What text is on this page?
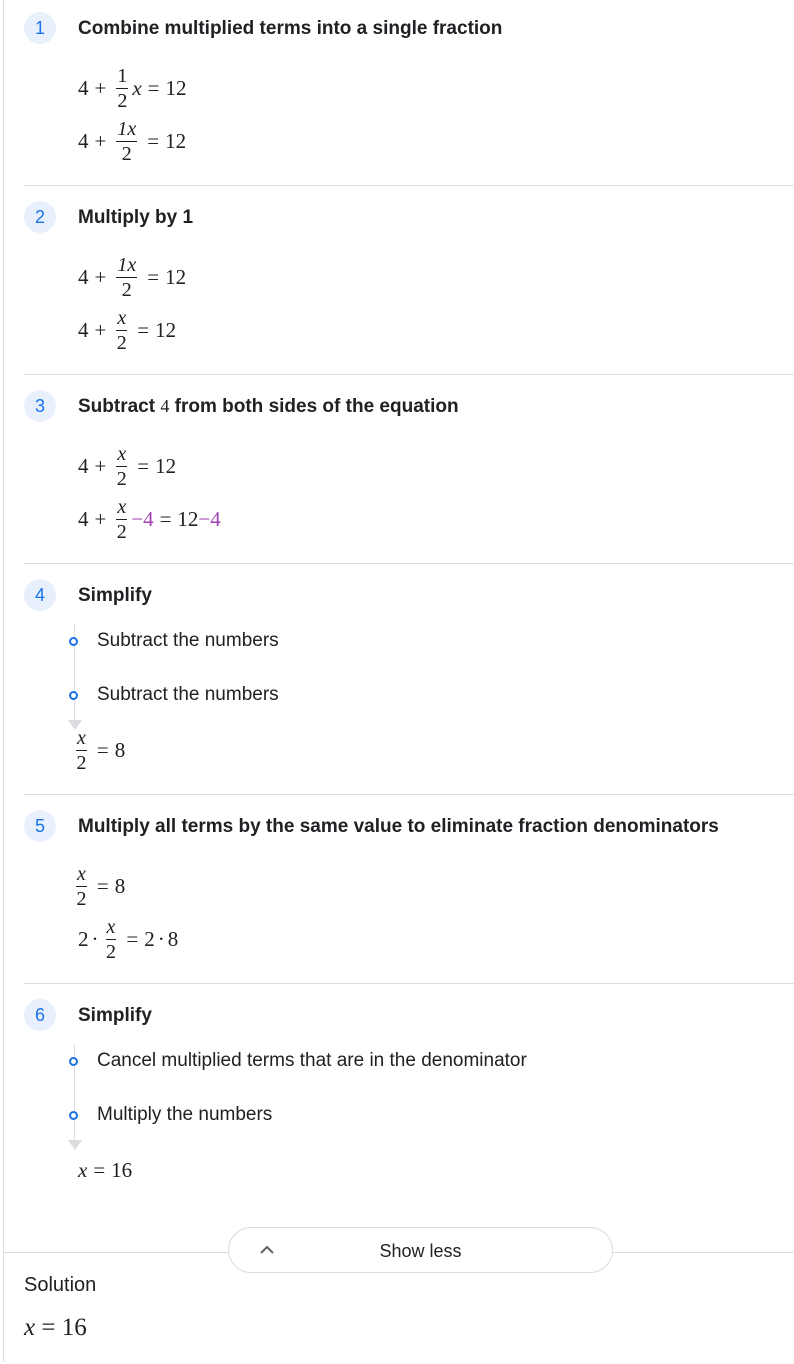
1	Combine multiplied terms into a single fraction
$4 + \frac{1}{2}$ x = 12
$4 + \frac{1x}{2} = 12$
2	Multiply by 1
$4 + \frac{1x}{2} = 12$
$4 + \frac{x}{2} = 12$
3	Subtract 4 from both sides of the equation
$4 + \frac{x}{2} = 12$
$4 + \frac{x}{2} -4 = 12 -4$
4	Simplify
Subtract the numbers
Subtract the numbers
$\frac{x}{2} = 8$
5	Multiply all terms by the same value to eliminate fraction denominators
$\frac{x}{2} = 8$
$2 \cdot \frac{x}{2} = 2 \cdot 8$
6	Simplify
Cancel multiplied terms that are in the denominator
Multiply the numbers
x = 16
Show less
Solution
x = 16
